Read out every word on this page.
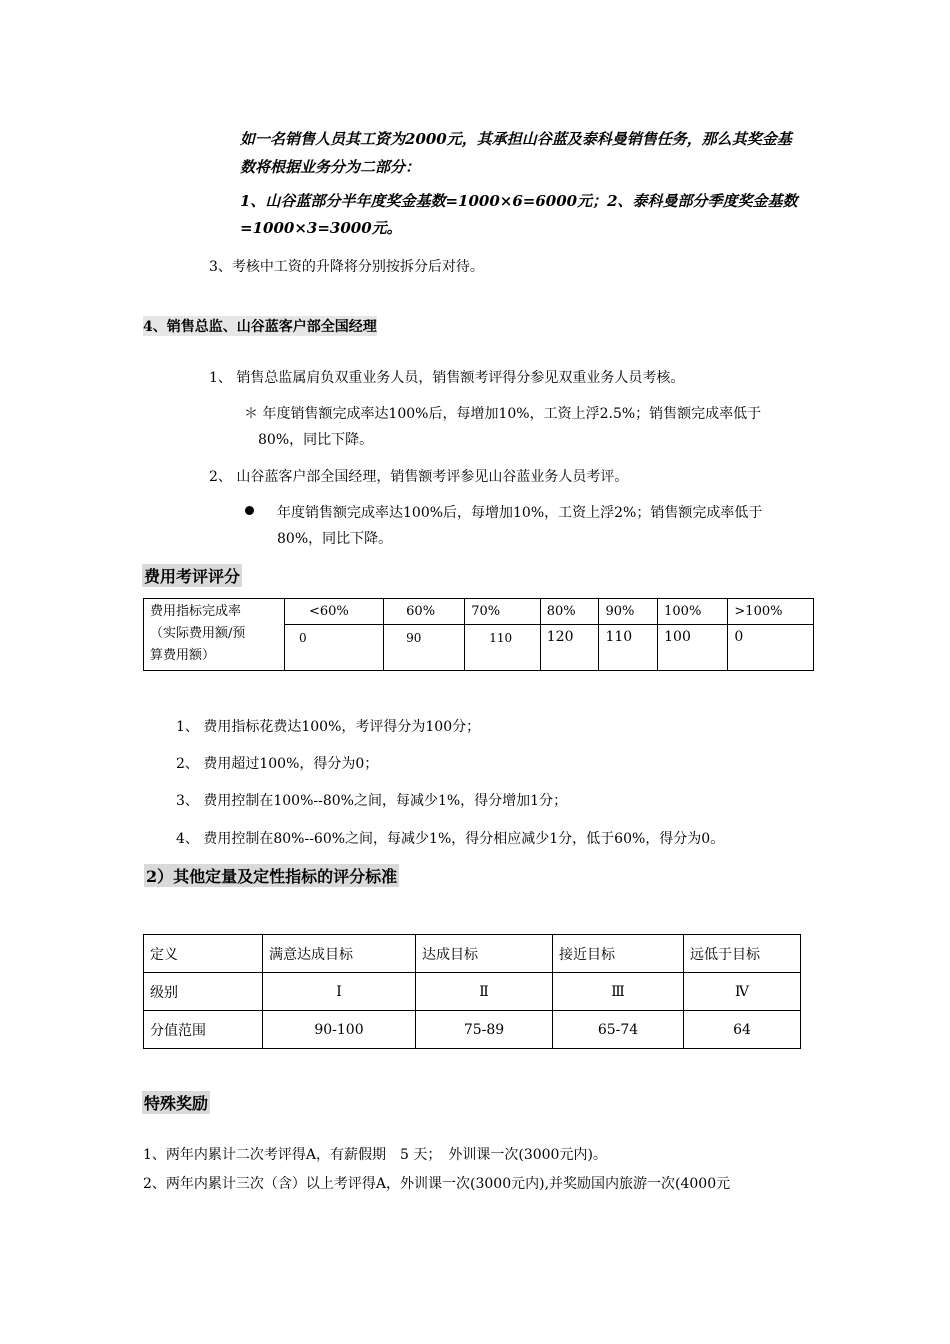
如一名销售人员其工资为2000元，其承担山谷蓝及泰科曼销售任务，那么其奖金基
数将根据业务分为二部分：
1、山谷蓝部分半年度奖金基数=1000×6=6000元；2、泰科曼部分季度奖金基数
=1000×3=3000元。
3、考核中工资的升降将分别按拆分后对待。
4、销售总监、山谷蓝客户部全国经理
1、 销售总监属肩负双重业务人员，销售额考评得分参见双重业务人员考核。
＊ 年度销售额完成率达100%后，每增加10%，工资上浮2.5%；销售额完成率低于
80%，同比下降。
2、 山谷蓝客户部全国经理，销售额考评参见山谷蓝业务人员考评。
年度销售额完成率达100%后，每增加10%，工资上浮2%；销售额完成率低于
80%，同比下降。
费用考评评分
费用指标完成率
（实际费用额/预
算费用额）	<60%	60%	70%	80%	90%	100%	>100%
	0	90	110	120	110	100	0
1、 费用指标花费达100%，考评得分为100分；
2、 费用超过100%，得分为0；
3、 费用控制在100%--80%之间，每减少1%，得分增加1分；
4、 费用控制在80%--60%之间，每减少1%，得分相应减少1分，低于60%，得分为0。
2）其他定量及定性指标的评分标准
定义	满意达成目标	达成目标	接近目标	远低于目标
级别	Ⅰ	Ⅱ	Ⅲ	Ⅳ
分值范围	90-100	75-89	65-74	64
特殊奖励
1、两年内累计二次考评得A，有薪假期　5 天；　外训课一次(3000元内)。
2、两年内累计三次（含）以上考评得A，外训课一次(3000元内),并奖励国内旅游一次(4000元
